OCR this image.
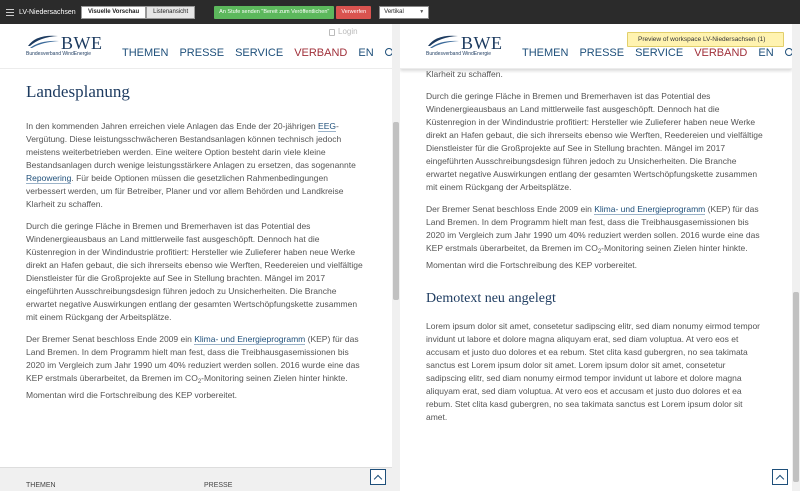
LV-Niedersachsen	Visuelle Vorschau	Listenansicht	An Stufe senden "Bereit zum Veröffentlichen"	Verwerfen	Vertikal	▼
BWE
Bundesverband WindEnergie
Login
THEMEN PRESSE SERVICE VERBAND EN
Landesplanung

In den kommenden Jahren erreichen viele Anlagen das Ende der 20-jährigen EEG-Vergütung. Diese leistungsschwächeren Bestandsanlagen können technisch jedoch meistens weiterbetrieben werden. Eine weitere Option besteht darin viele kleine Bestandsanlagen durch wenige leistungsstärkere Anlagen zu ersetzen, das sogenannte Repowering. Für beide Optionen müssen die gesetzlichen Rahmenbedingungen verbessert werden, um für Betreiber, Planer und vor allem Behörden und Landkreise Klarheit zu schaffen.

Durch die geringe Fläche in Bremen und Bremerhaven ist das Potential des Windenergieausbaus an Land mittlerweile fast ausgeschöpft. Dennoch hat die Küstenregion in der Windindustrie profitiert: Hersteller wie Zulieferer haben neue Werke direkt an Hafen gebaut, die sich ihrerseits ebenso wie Werften, Reedereien und vielfältige Dienstleister für die Großprojekte auf See in Stellung brachten. Mängel im 2017 eingeführten Ausschreibungsdesign führen jedoch zu Unsicherheiten. Die Branche erwartet negative Auswirkungen entlang der gesamten Wertschöpfungskette zusammen mit einem Rückgang der Arbeitsplätze.

Der Bremer Senat beschloss Ende 2009 ein Klima- und Energieprogramm (KEP) für das Land Bremen. In dem Programm hielt man fest, dass die Treibhausgasemissionen bis 2020 im Vergleich zum Jahr 1990 um 40% reduziert werden sollen. 2016 wurde eine das KEP erstmals überarbeitet, da Bremen im $CO_2$-Monitoring seinen Zielen hinter hinkte. Momentan wird die Fortschreibung des KEP vorbereitet.

THEMEN	PRESSE

Klarheit zu schaffen.

Durch die geringe Fläche in Bremen und Bremerhaven ist das Potential des Windenergieausbaus an Land mittlerweile fast ausgeschöpft. Dennoch hat die Küstenregion in der Windindustrie profitiert: Hersteller wie Zulieferer haben neue Werke direkt an Hafen gebaut, die sich ihrerseits ebenso wie Werften, Reedereien und vielfältige Dienstleister für die Großprojekte auf See in Stellung brachten. Mängel im 2017 eingeführten Ausschreibungsdesign führen jedoch zu Unsicherheiten. Die Branche erwartet negative Auswirkungen entlang der gesamten Wertschöpfungskette zusammen mit einem Rückgang der Arbeitsplätze.

Der Bremer Senat beschloss Ende 2009 ein Klima- und Energieprogramm (KEP) für das Land Bremen. In dem Programm hielt man fest, dass die Treibhausgasemissionen bis 2020 im Vergleich zum Jahr 1990 um 40% reduziert werden sollen. 2016 wurde eine das KEP erstmals überarbeitet, da Bremen im $CO_2$-Monitoring seinen Zielen hinter hinkte. Momentan wird die Fortschreibung des KEP vorbereitet.

Demotext neu angelegt

Lorem ipsum dolor sit amet, consetetur sadipscing elitr, sed diam nonumy eirmod tempor invidunt ut labore et dolore magna aliquyam erat, sed diam voluptua. At vero eos et accusam et justo duo dolores et ea rebum. Stet clita kasd gubergren, no sea takimata sanctus est Lorem ipsum dolor sit amet. Lorem ipsum dolor sit amet, consetetur sadipscing elitr, sed diam nonumy eirmod tempor invidunt ut labore et dolore magna aliquyam erat, sed diam voluptua. At vero eos et accusam et justo duo dolores et ea rebum. Stet clita kasd gubergren, no sea takimata sanctus est Lorem ipsum dolor sit amet.

BWE
Bundesverband WindEnergie	THEMEN PRESSE SERVICE VERBAND EN
Preview of workspace LV-Niedersachsen (1)
